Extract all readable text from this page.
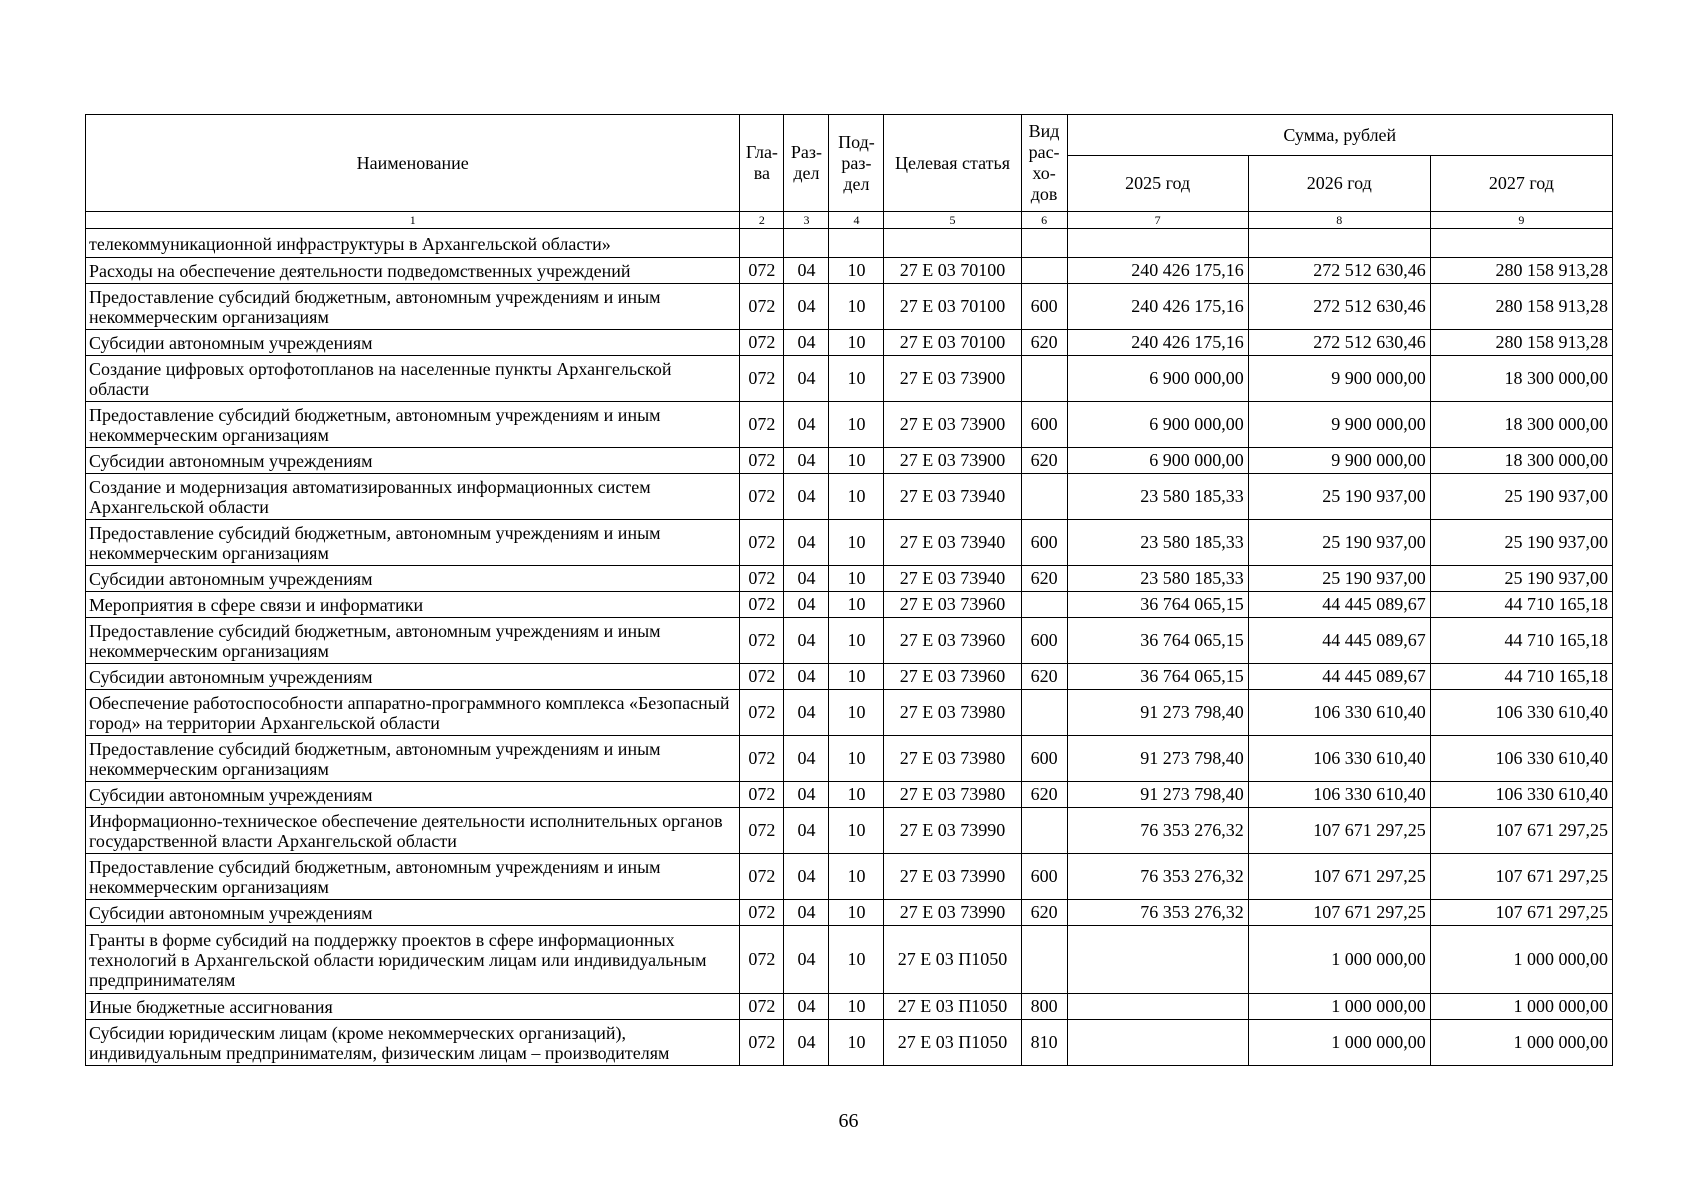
Наименование	Гла-ва	Раз-дел	Под-раз-дел	Целевая статья	Вид рас-хо-дов	Сумма, рублей		
						2025 год	2026 год	2027 год
1	2	3	4	5	6	7	8	9
телекоммуникационной инфраструктуры в Архангельской области»								
Расходы на обеспечение деятельности подведомственных учреждений	072	04	10	27 Е 03 70100		240 426 175,16	272 512 630,46	280 158 913,28
Предоставление субсидий бюджетным, автономным учреждениям и иным некоммерческим организациям	072	04	10	27 Е 03 70100	600	240 426 175,16	272 512 630,46	280 158 913,28
Субсидии автономным учреждениям	072	04	10	27 Е 03 70100	620	240 426 175,16	272 512 630,46	280 158 913,28
Создание цифровых ортофотопланов на населенные пункты Архангельской области	072	04	10	27 Е 03 73900		6 900 000,00	9 900 000,00	18 300 000,00
Предоставление субсидий бюджетным, автономным учреждениям и иным некоммерческим организациям	072	04	10	27 Е 03 73900	600	6 900 000,00	9 900 000,00	18 300 000,00
Субсидии автономным учреждениям	072	04	10	27 Е 03 73900	620	6 900 000,00	9 900 000,00	18 300 000,00
Создание и модернизация автоматизированных информационных систем Архангельской области	072	04	10	27 Е 03 73940		23 580 185,33	25 190 937,00	25 190 937,00
Предоставление субсидий бюджетным, автономным учреждениям и иным некоммерческим организациям	072	04	10	27 Е 03 73940	600	23 580 185,33	25 190 937,00	25 190 937,00
Субсидии автономным учреждениям	072	04	10	27 Е 03 73940	620	23 580 185,33	25 190 937,00	25 190 937,00
Мероприятия в сфере связи и информатики	072	04	10	27 Е 03 73960		36 764 065,15	44 445 089,67	44 710 165,18
Предоставление субсидий бюджетным, автономным учреждениям и иным некоммерческим организациям	072	04	10	27 Е 03 73960	600	36 764 065,15	44 445 089,67	44 710 165,18
Субсидии автономным учреждениям	072	04	10	27 Е 03 73960	620	36 764 065,15	44 445 089,67	44 710 165,18
Обеспечение работоспособности аппаратно-программного комплекса «Безопасный город» на территории Архангельской области	072	04	10	27 Е 03 73980		91 273 798,40	106 330 610,40	106 330 610,40
Предоставление субсидий бюджетным, автономным учреждениям и иным некоммерческим организациям	072	04	10	27 Е 03 73980	600	91 273 798,40	106 330 610,40	106 330 610,40
Субсидии автономным учреждениям	072	04	10	27 Е 03 73980	620	91 273 798,40	106 330 610,40	106 330 610,40
Информационно-техническое обеспечение деятельности исполнительных органов государственной власти Архангельской области	072	04	10	27 Е 03 73990		76 353 276,32	107 671 297,25	107 671 297,25
Предоставление субсидий бюджетным, автономным учреждениям и иным некоммерческим организациям	072	04	10	27 Е 03 73990	600	76 353 276,32	107 671 297,25	107 671 297,25
Субсидии автономным учреждениям	072	04	10	27 Е 03 73990	620	76 353 276,32	107 671 297,25	107 671 297,25
Гранты в форме субсидий на поддержку проектов в сфере информационных технологий в Архангельской области юридическим лицам или индивидуальным предпринимателям	072	04	10	27 Е 03 П1050			1 000 000,00	1 000 000,00
Иные бюджетные ассигнования	072	04	10	27 Е 03 П1050	800		1 000 000,00	1 000 000,00
Субсидии юридическим лицам (кроме некоммерческих организаций), индивидуальным предпринимателям, физическим лицам – производителям	072	04	10	27 Е 03 П1050	810		1 000 000,00	1 000 000,00
66
